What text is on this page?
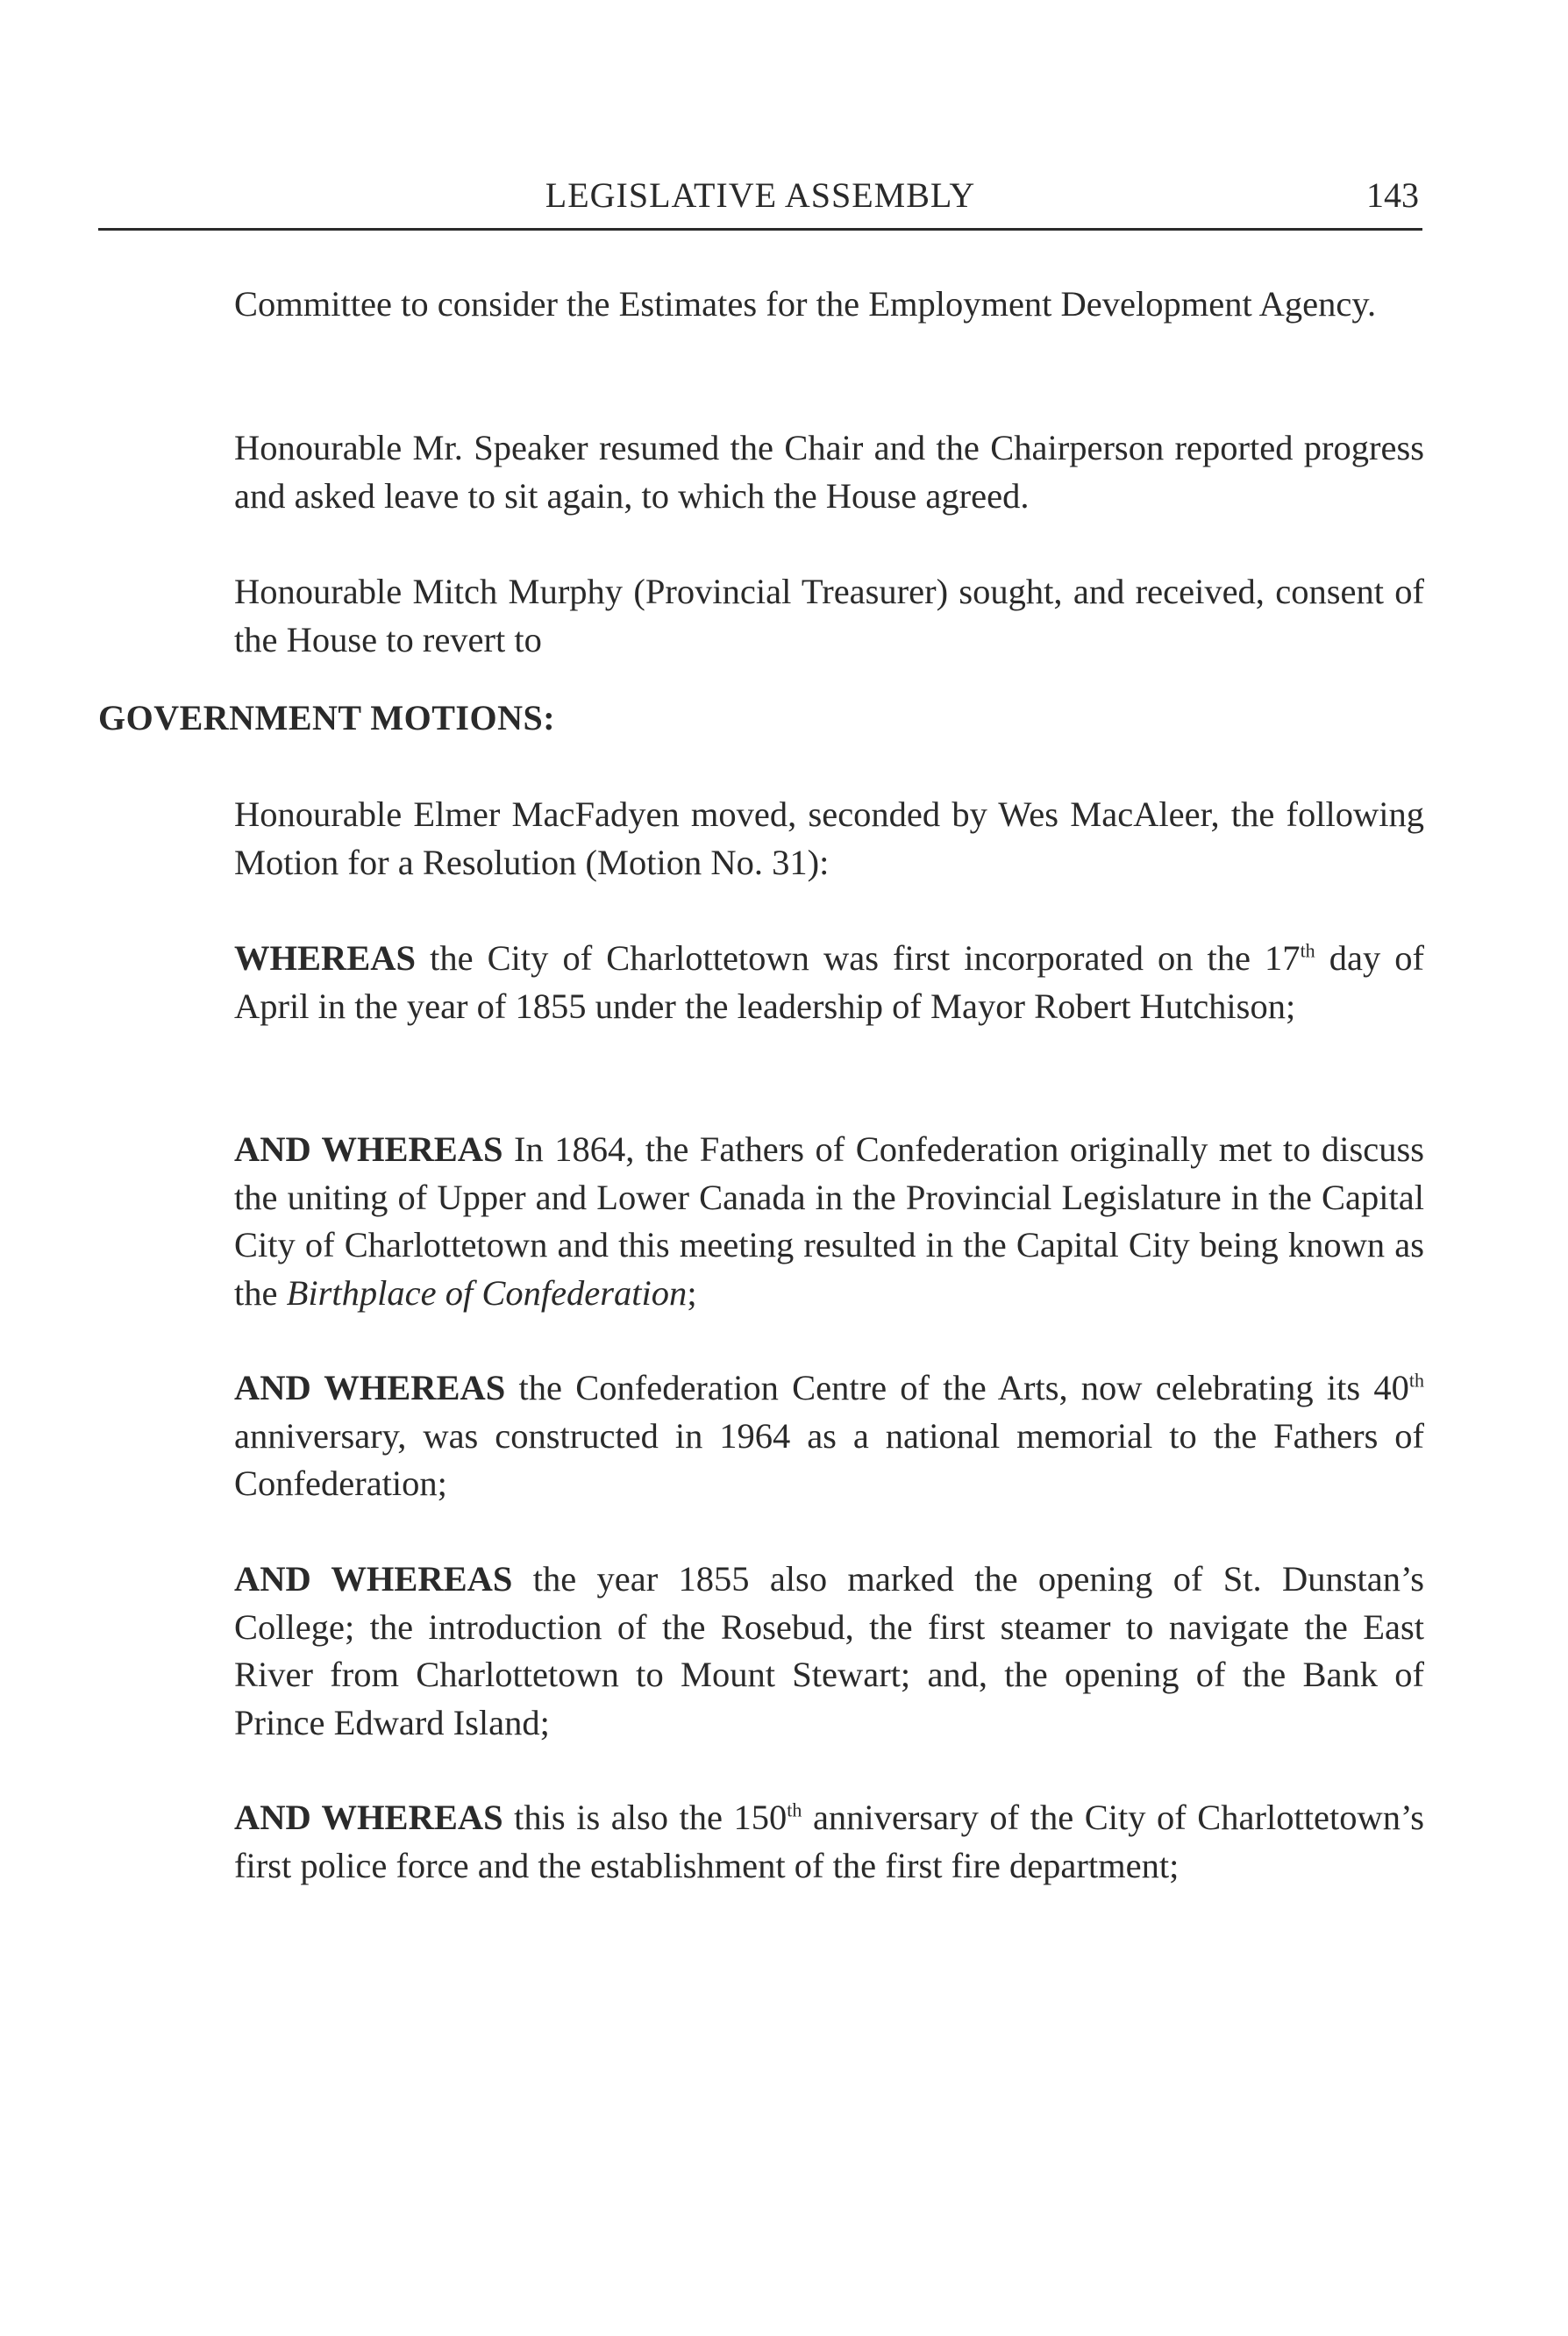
LEGISLATIVE ASSEMBLY	143

Committee to consider the Estimates for the Employment Development Agency.

Honourable Mr. Speaker resumed the Chair and the Chairperson reported progress and asked leave to sit again, to which the House agreed.

Honourable Mitch Murphy (Provincial Treasurer) sought, and received, consent of the House to revert to

GOVERNMENT MOTIONS:

Honourable Elmer MacFadyen moved, seconded by Wes MacAleer, the following Motion for a Resolution (Motion No. 31):

WHEREAS the City of Charlottetown was first incorporated on the 17th day of April in the year of 1855 under the leadership of Mayor Robert Hutchison;

AND WHEREAS In 1864, the Fathers of Confederation originally met to discuss the uniting of Upper and Lower Canada in the Provincial Legislature in the Capital City of Charlottetown and this meeting resulted in the Capital City being known as the Birthplace of Confederation;

AND WHEREAS the Confederation Centre of the Arts, now celebrating its 40th anniversary, was constructed in 1964 as a national memorial to the Fathers of Confederation;

AND WHEREAS the year 1855 also marked the opening of St. Dunstan’s College; the introduction of the Rosebud, the first steamer to navigate the East River from Charlottetown to Mount Stewart; and, the opening of the Bank of Prince Edward Island;

AND WHEREAS this is also the 150th anniversary of the City of Charlottetown’s first police force and the establishment of the first fire department;
